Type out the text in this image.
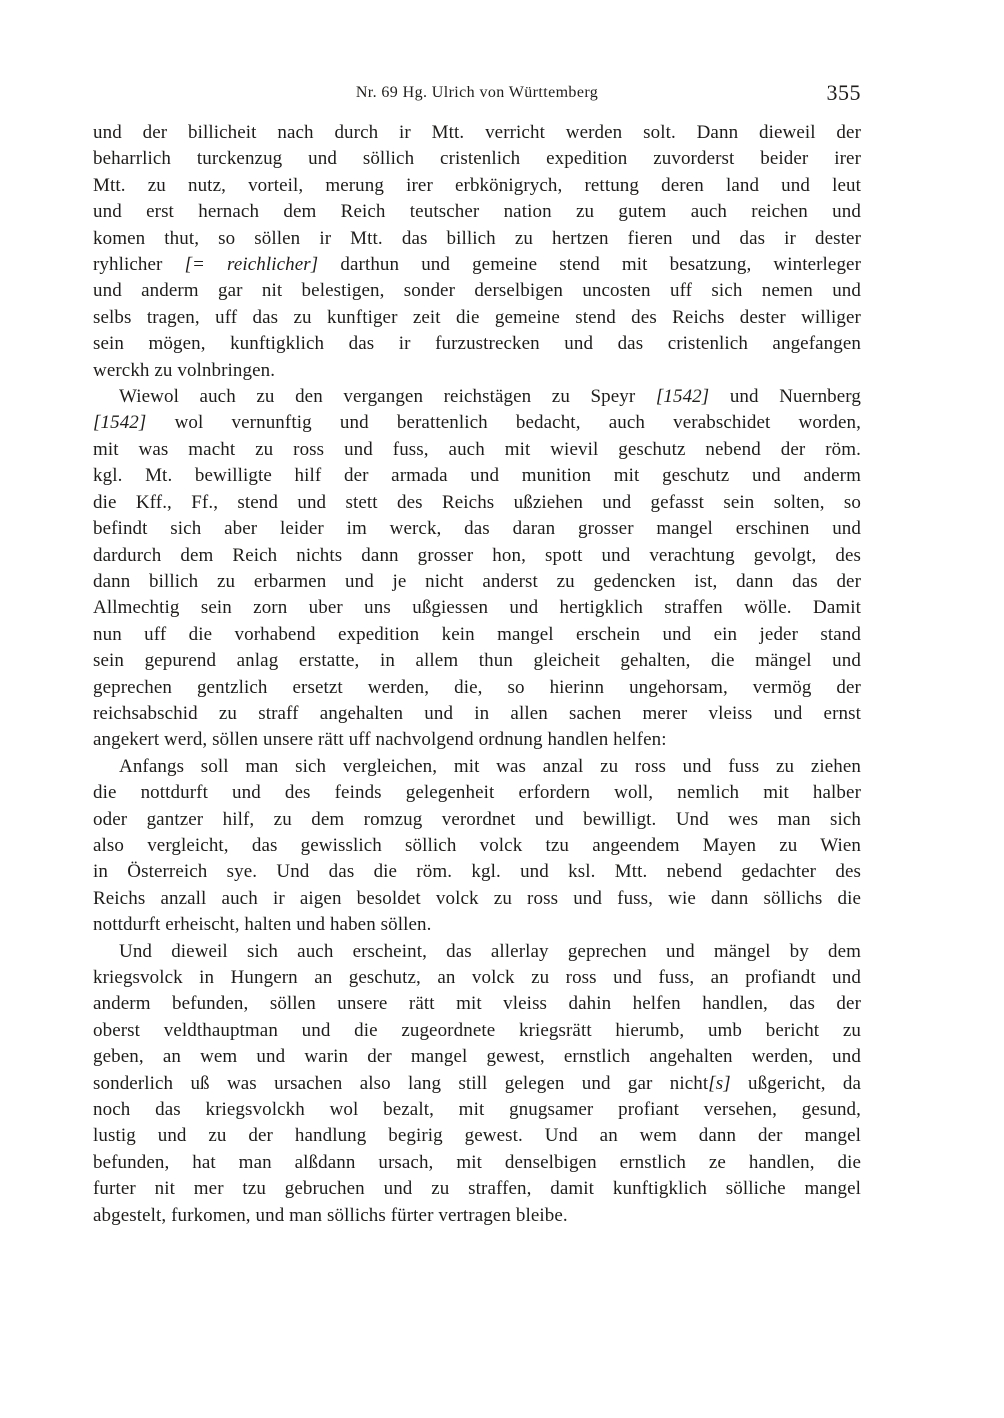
Nr. 69 Hg. Ulrich von Württemberg	355
und der billicheit nach durch ir Mtt. verricht werden solt. Dann dieweil der
beharrlich turckenzug und söllich cristenlich expedition zuvorderst beider irer
Mtt. zu nutz, vorteil, merung irer erbkönigrych, rettung deren land und leut
und erst hernach dem Reich teutscher nation zu gutem auch reichen und
komen thut, so söllen ir Mtt. das billich zu hertzen fieren und das ir dester
ryhlicher [= reichlicher] darthun und gemeine stend mit besatzung, winterleger
und anderm gar nit belestigen, sonder derselbigen uncosten uff sich nemen und
selbs tragen, uff das zu kunftiger zeit die gemeine stend des Reichs dester williger
sein mögen, kunftigklich das ir furzustrecken und das cristenlich angefangen
werckh zu volnbringen.
Wiewol auch zu den vergangen reichstägen zu Speyr [1542] und Nuernberg
[1542] wol vernunftig und berattenlich bedacht, auch verabschidet worden,
mit was macht zu ross und fuss, auch mit wievil geschutz nebend der röm.
kgl. Mt. bewilligte hilf der armada und munition mit geschutz und anderm
die Kff., Ff., stend und stett des Reichs ußziehen und gefasst sein solten, so
befindt sich aber leider im werck, das daran grosser mangel erschinen und
dardurch dem Reich nichts dann grosser hon, spott und verachtung gevolgt, des
dann billich zu erbarmen und je nicht anderst zu gedencken ist, dann das der
Allmechtig sein zorn uber uns ußgiessen und hertigklich straffen wölle. Damit
nun uff die vorhabend expedition kein mangel erschein und ein jeder stand
sein gepurend anlag erstatte, in allem thun gleicheit gehalten, die mängel und
geprechen gentzlich ersetzt werden, die, so hierinn ungehorsam, vermög der
reichsabschid zu straff angehalten und in allen sachen merer vleiss und ernst
angekert werd, söllen unsere rätt uff nachvolgend ordnung handlen helfen:
Anfangs soll man sich vergleichen, mit was anzal zu ross und fuss zu ziehen
die nottdurft und des feinds gelegenheit erfordern woll, nemlich mit halber
oder gantzer hilf, zu dem romzug verordnet und bewilligt. Und wes man sich
also vergleicht, das gewisslich söllich volck tzu angeendem Mayen zu Wien
in Österreich sye. Und das die röm. kgl. und ksl. Mtt. nebend gedachter des
Reichs anzall auch ir aigen besoldet volck zu ross und fuss, wie dann söllichs die
nottdurft erheischt, halten und haben söllen.
Und dieweil sich auch erscheint, das allerlay geprechen und mängel by dem
kriegsvolck in Hungern an geschutz, an volck zu ross und fuss, an profiandt und
anderm befunden, söllen unsere rätt mit vleiss dahin helfen handlen, das der
oberst veldthauptman und die zugeordnete kriegsrätt hierumb, umb bericht zu
geben, an wem und warin der mangel gewest, ernstlich angehalten werden, und
sonderlich uß was ursachen also lang still gelegen und gar nicht[s] ußgericht, da
noch das kriegsvolckh wol bezalt, mit gnugsamer profiant versehen, gesund,
lustig und zu der handlung begirig gewest. Und an wem dann der mangel
befunden, hat man alßdann ursach, mit denselbigen ernstlich ze handlen, die
furter nit mer tzu gebruchen und zu straffen, damit kunftigklich sölliche mangel
abgestelt, furkomen, und man söllichs fürter vertragen bleibe.
